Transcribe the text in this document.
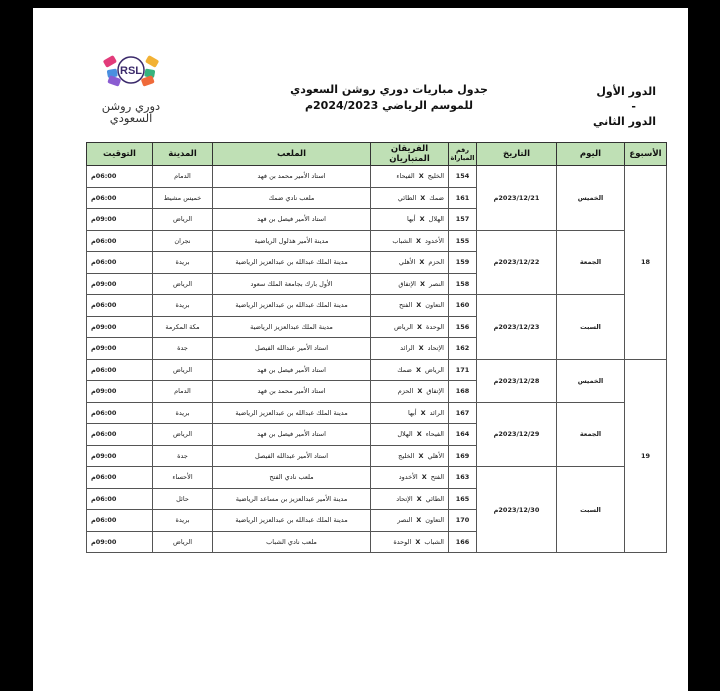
RSL
دوري روشن
السعودي
جدول مباريات دوري روشن السعودي
للموسم الرياضي 2024/2023م
الدور الأول
-
الدور الثاني
الأسبوع	اليوم	التاريخ	رقم المباراة	الفريقان المتباريان	الملعب	المدينة	التوقيت
18	الخميس	2023/12/21م	154	الخليجXالفيحاء	استاد الأمير محمد بن فهد	الدمام	06:00م
			161	ضمكXالطائي	ملعب نادي ضمك	خميس مشيط	06:00م
			157	الهلالXأبها	استاد الأمير فيصل بن فهد	الرياض	09:00م
	الجمعة	2023/12/22م	155	الأخدودXالشباب	مدينة الأمير هذلول الرياضية	نجران	06:00م
			159	الحزمXالأهلي	مدينة الملك عبدالله بن عبدالعزيز الرياضية	بريدة	06:00م
			158	النصرXالإتفاق	الأول بارك بجامعة الملك سعود	الرياض	09:00م
	السبت	2023/12/23م	160	التعاونXالفتح	مدينة الملك عبدالله بن عبدالعزيز الرياضية	بريدة	06:00م
			156	الوحدةXالرياض	مدينة الملك عبدالعزيز الرياضية	مكة المكرمة	09:00م
			162	الإتحادXالرائد	استاد الأمير عبدالله الفيصل	جدة	09:00م
19	الخميس	2023/12/28م	171	الرياضXضمك	استاد الأمير فيصل بن فهد	الرياض	06:00م
			168	الإتفاقXالحزم	استاد الأمير محمد بن فهد	الدمام	09:00م
	الجمعة	2023/12/29م	167	الرائدXأبها	مدينة الملك عبدالله بن عبدالعزيز الرياضية	بريدة	06:00م
			164	الفيحاءXالهلال	استاد الأمير فيصل بن فهد	الرياض	06:00م
			169	الأهليXالخليج	استاد الأمير عبدالله الفيصل	جدة	09:00م
	السبت	2023/12/30م	163	الفتحXالأخدود	ملعب نادي الفتح	الأحساء	06:00م
			165	الطائيXالإتحاد	مدينة الأمير عبدالعزيز بن مساعد الرياضية	حائل	06:00م
			170	التعاونXالنصر	مدينة الملك عبدالله بن عبدالعزيز الرياضية	بريدة	06:00م
			166	الشبابXالوحدة	ملعب نادي الشباب	الرياض	09:00م
